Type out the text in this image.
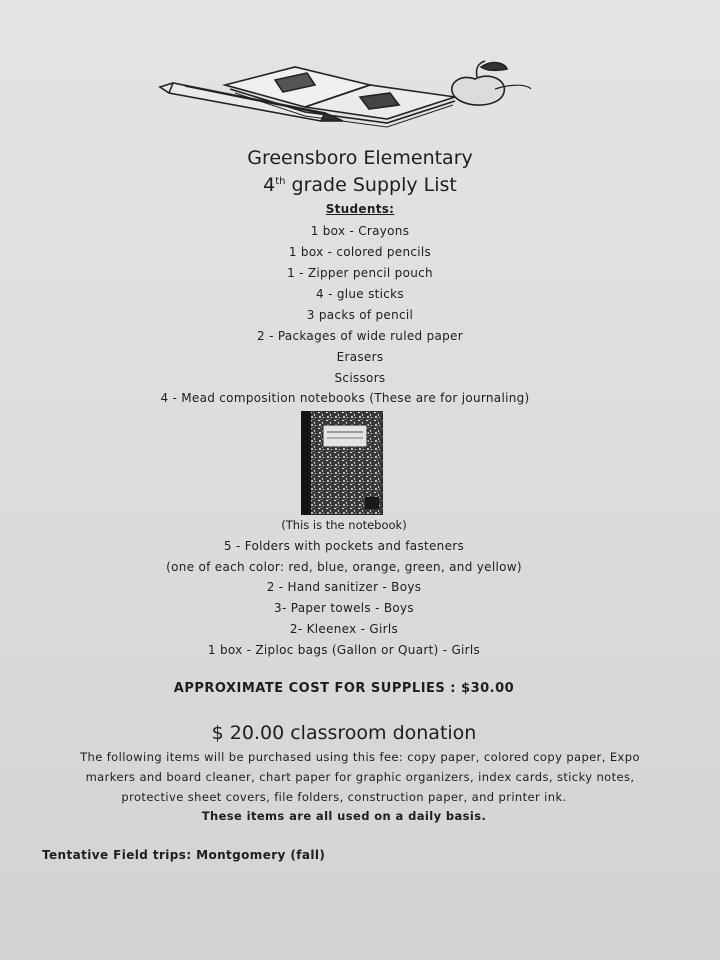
Greensboro Elementary
4th grade Supply List
Students:
1 box - Crayons
1 box - colored pencils
1 - Zipper pencil pouch
4 - glue sticks
3 packs of pencil
2 - Packages of wide ruled paper
Erasers
Scissors
4 - Mead composition notebooks (These are for journaling)
(This is the notebook)
5 - Folders with pockets and fasteners
(one of each color: red, blue, orange, green, and yellow)
2 - Hand sanitizer - Boys
3- Paper towels - Boys
2- Kleenex - Girls
1 box - Ziploc bags (Gallon or Quart) - Girls
APPROXIMATE COST FOR SUPPLIES : $30.00
$ 20.00 classroom donation
The following items will be purchased using this fee: copy paper, colored copy paper, Expo
markers and board cleaner, chart paper for graphic organizers, index cards, sticky notes,
protective sheet covers, file folders, construction paper, and printer ink.
These items are all used on a daily basis.
Tentative Field trips: Montgomery (fall)
